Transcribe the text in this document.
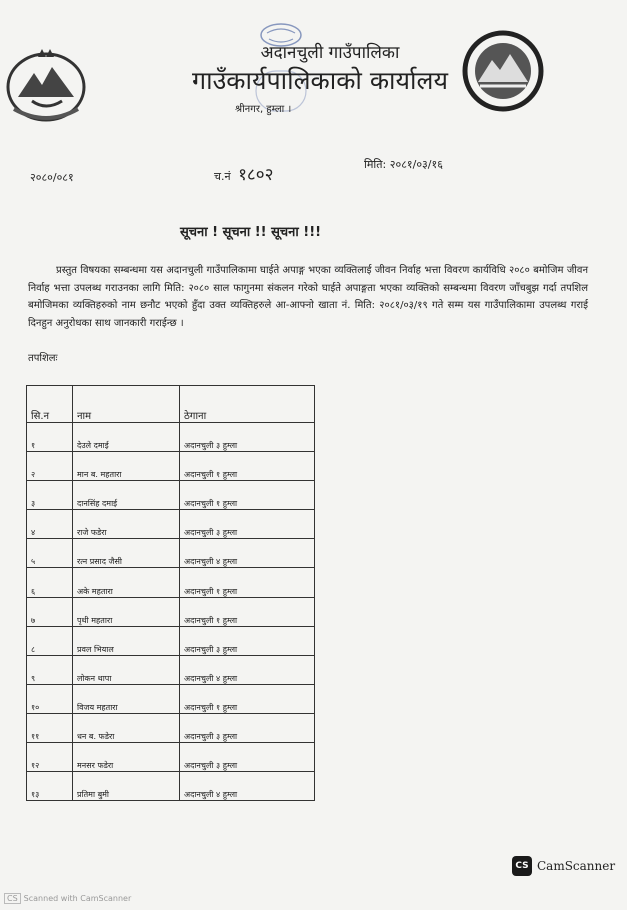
अदानचुली गाउँपालिका
गाउँकार्यपालिकाको कार्यालय
श्रीनगर, हुम्ला ।
२०८०/०८१	च.नं १८०२
मिति: २०८१/०३/१६
सूचना ! सूचना !! सूचना !!!
प्रस्तुत विषयका सम्बन्धमा यस अदानचुली गाउँपालिकामा घाईते अपाङ्ग भएका व्यक्तिलाई जीवन निर्वाह भत्ता विवरण कार्यविधि २०८० बमोजिम जीवन निर्वाह भत्ता उपलब्ध गराउनका लागि मिति: २०८० साल फागुनमा संकलन गरेको घाईते अपाङ्गता भएका व्यक्तिको सम्बन्धमा विवरण जाँचबुझ गर्दा तपशिल बमोजिमका व्यक्तिहरुको नाम छनौट भएको हुँदा उक्त व्यक्तिहरुले आ-आफ्नो खाता नं. मिति: २०८१/०३/१९ गते सम्म यस गाउँपालिकामा उपलब्ध गराई दिनहुन अनुरोधका साथ जानकारी गराईन्छ ।
तपशिलः
सि.न	नाम	ठेगाना
१	देउले दमाई	अदानचुली ३ हुम्ला
२	मान ब. महतारा	अदानचुली १ हुम्ला
३	दानसिंह दमाई	अदानचुली १ हुम्ला
४	राजे फडेरा	अदानचुली ३ हुम्ला
५	रत्न प्रसाद जैसी	अदानचुली ४ हुम्ला
६	अके महतारा	अदानचुली १ हुम्ला
७	पृथी महतारा	अदानचुली १ हुम्ला
८	प्रवल भियाल	अदानचुली ३ हुम्ला
९	लोकन थापा	अदानचुली ४ हुम्ला
१०	विजय महतारा	अदानचुली १ हुम्ला
११	धन ब. फडेरा	अदानचुली ३ हुम्ला
१२	मनसर फडेरा	अदानचुली ३ हुम्ला
१३	प्रतिमा बुमी	अदानचुली ४ हुम्ला
CS CamScanner
CS Scanned with CamScanner
